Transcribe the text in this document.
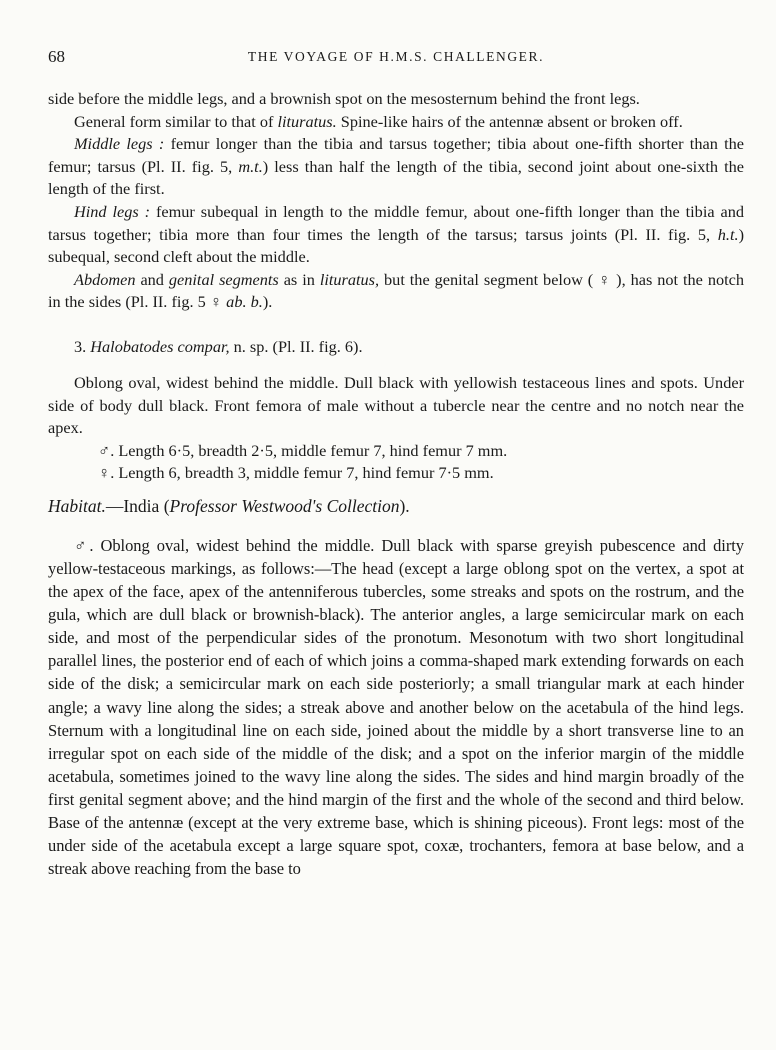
68	THE VOYAGE OF H.M.S. CHALLENGER.

side before the middle legs, and a brownish spot on the mesosternum behind the front legs.

General form similar to that of lituratus. Spine-like hairs of the antennæ absent or broken off.

Middle legs : femur longer than the tibia and tarsus together; tibia about one-fifth shorter than the femur; tarsus (Pl. II. fig. 5, m.t.) less than half the length of the tibia, second joint about one-sixth the length of the first.

Hind legs : femur subequal in length to the middle femur, about one-fifth longer than the tibia and tarsus together; tibia more than four times the length of the tarsus; tarsus joints (Pl. II. fig. 5, h.t.) subequal, second cleft about the middle.

Abdomen and genital segments as in lituratus, but the genital segment below ( ♀ ), has not the notch in the sides (Pl. II. fig. 5 ♀ ab. b.).

3. Halobatodes compar, n. sp. (Pl. II. fig. 6).

Oblong oval, widest behind the middle. Dull black with yellowish testaceous lines and spots. Under side of body dull black. Front femora of male without a tubercle near the centre and no notch near the apex.

♂. Length 6·5, breadth 2·5, middle femur 7, hind femur 7 mm.

♀. Length 6, breadth 3, middle femur 7, hind femur 7·5 mm.

Habitat.—India (Professor Westwood's Collection).

♂. Oblong oval, widest behind the middle. Dull black with sparse greyish pubescence and dirty yellow-testaceous markings, as follows:—The head (except a large oblong spot on the vertex, a spot at the apex of the face, apex of the antenniferous tubercles, some streaks and spots on the rostrum, and the gula, which are dull black or brownish-black). The anterior angles, a large semicircular mark on each side, and most of the perpendicular sides of the pronotum. Mesonotum with two short longitudinal parallel lines, the posterior end of each of which joins a comma-shaped mark extending forwards on each side of the disk; a semicircular mark on each side posteriorly; a small triangular mark at each hinder angle; a wavy line along the sides; a streak above and another below on the acetabula of the hind legs. Sternum with a longitudinal line on each side, joined about the middle by a short transverse line to an irregular spot on each side of the middle of the disk; and a spot on the inferior margin of the middle acetabula, sometimes joined to the wavy line along the sides. The sides and hind margin broadly of the first genital segment above; and the hind margin of the first and the whole of the second and third below. Base of the antennæ (except at the very extreme base, which is shining piceous). Front legs: most of the under side of the acetabula except a large square spot, coxæ, trochanters, femora at base below, and a streak above reaching from the base to
